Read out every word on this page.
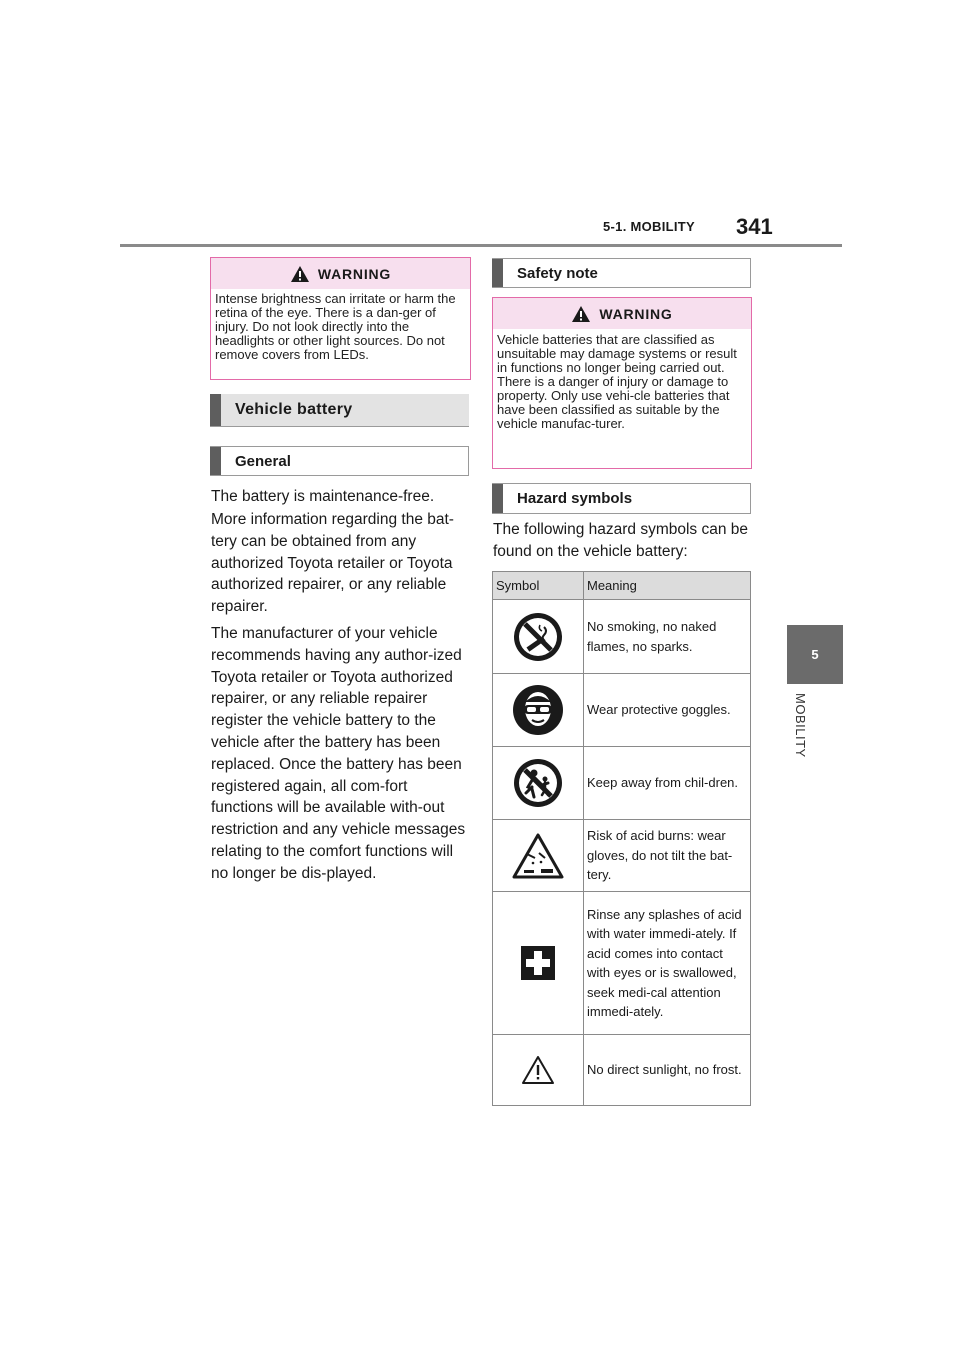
5-1. MOBILITY 341
5
MOBILITY
WARNING
Intense brightness can irritate or harm the retina of the eye. There is a dan-ger of injury. Do not look directly into the headlights or other light sources. Do not remove covers from LEDs.
Vehicle battery
General

The battery is maintenance-free.

More information regarding the bat-tery can be obtained from any authorized Toyota retailer or Toyota authorized repairer, or any reliable repairer.

The manufacturer of your vehicle recommends having any author-ized Toyota retailer or Toyota authorized repairer, or any reliable repairer register the vehicle battery to the vehicle after the battery has been replaced. Once the battery has been registered again, all com-fort functions will be available with-out restriction and any vehicle messages relating to the comfort functions will no longer be dis-played.

Safety note
WARNING
Vehicle batteries that are classified as unsuitable may damage systems or result in functions no longer being carried out. There is a danger of injury or damage to property. Only use vehi-cle batteries that have been classified as suitable by the vehicle manufac-turer.
Hazard symbols

The following hazard symbols can be found on the vehicle battery:

Symbol	Meaning

	No smoking, no naked flames, no sparks.

	Wear protective goggles.

	Keep away from chil-dren.

	Risk of acid burns: wear gloves, do not tilt the bat-tery.

	Rinse any splashes of acid with water immedi-ately. If acid comes into contact with eyes or is swallowed, seek medi-cal attention immedi-ately.

	No direct sunlight, no frost.
